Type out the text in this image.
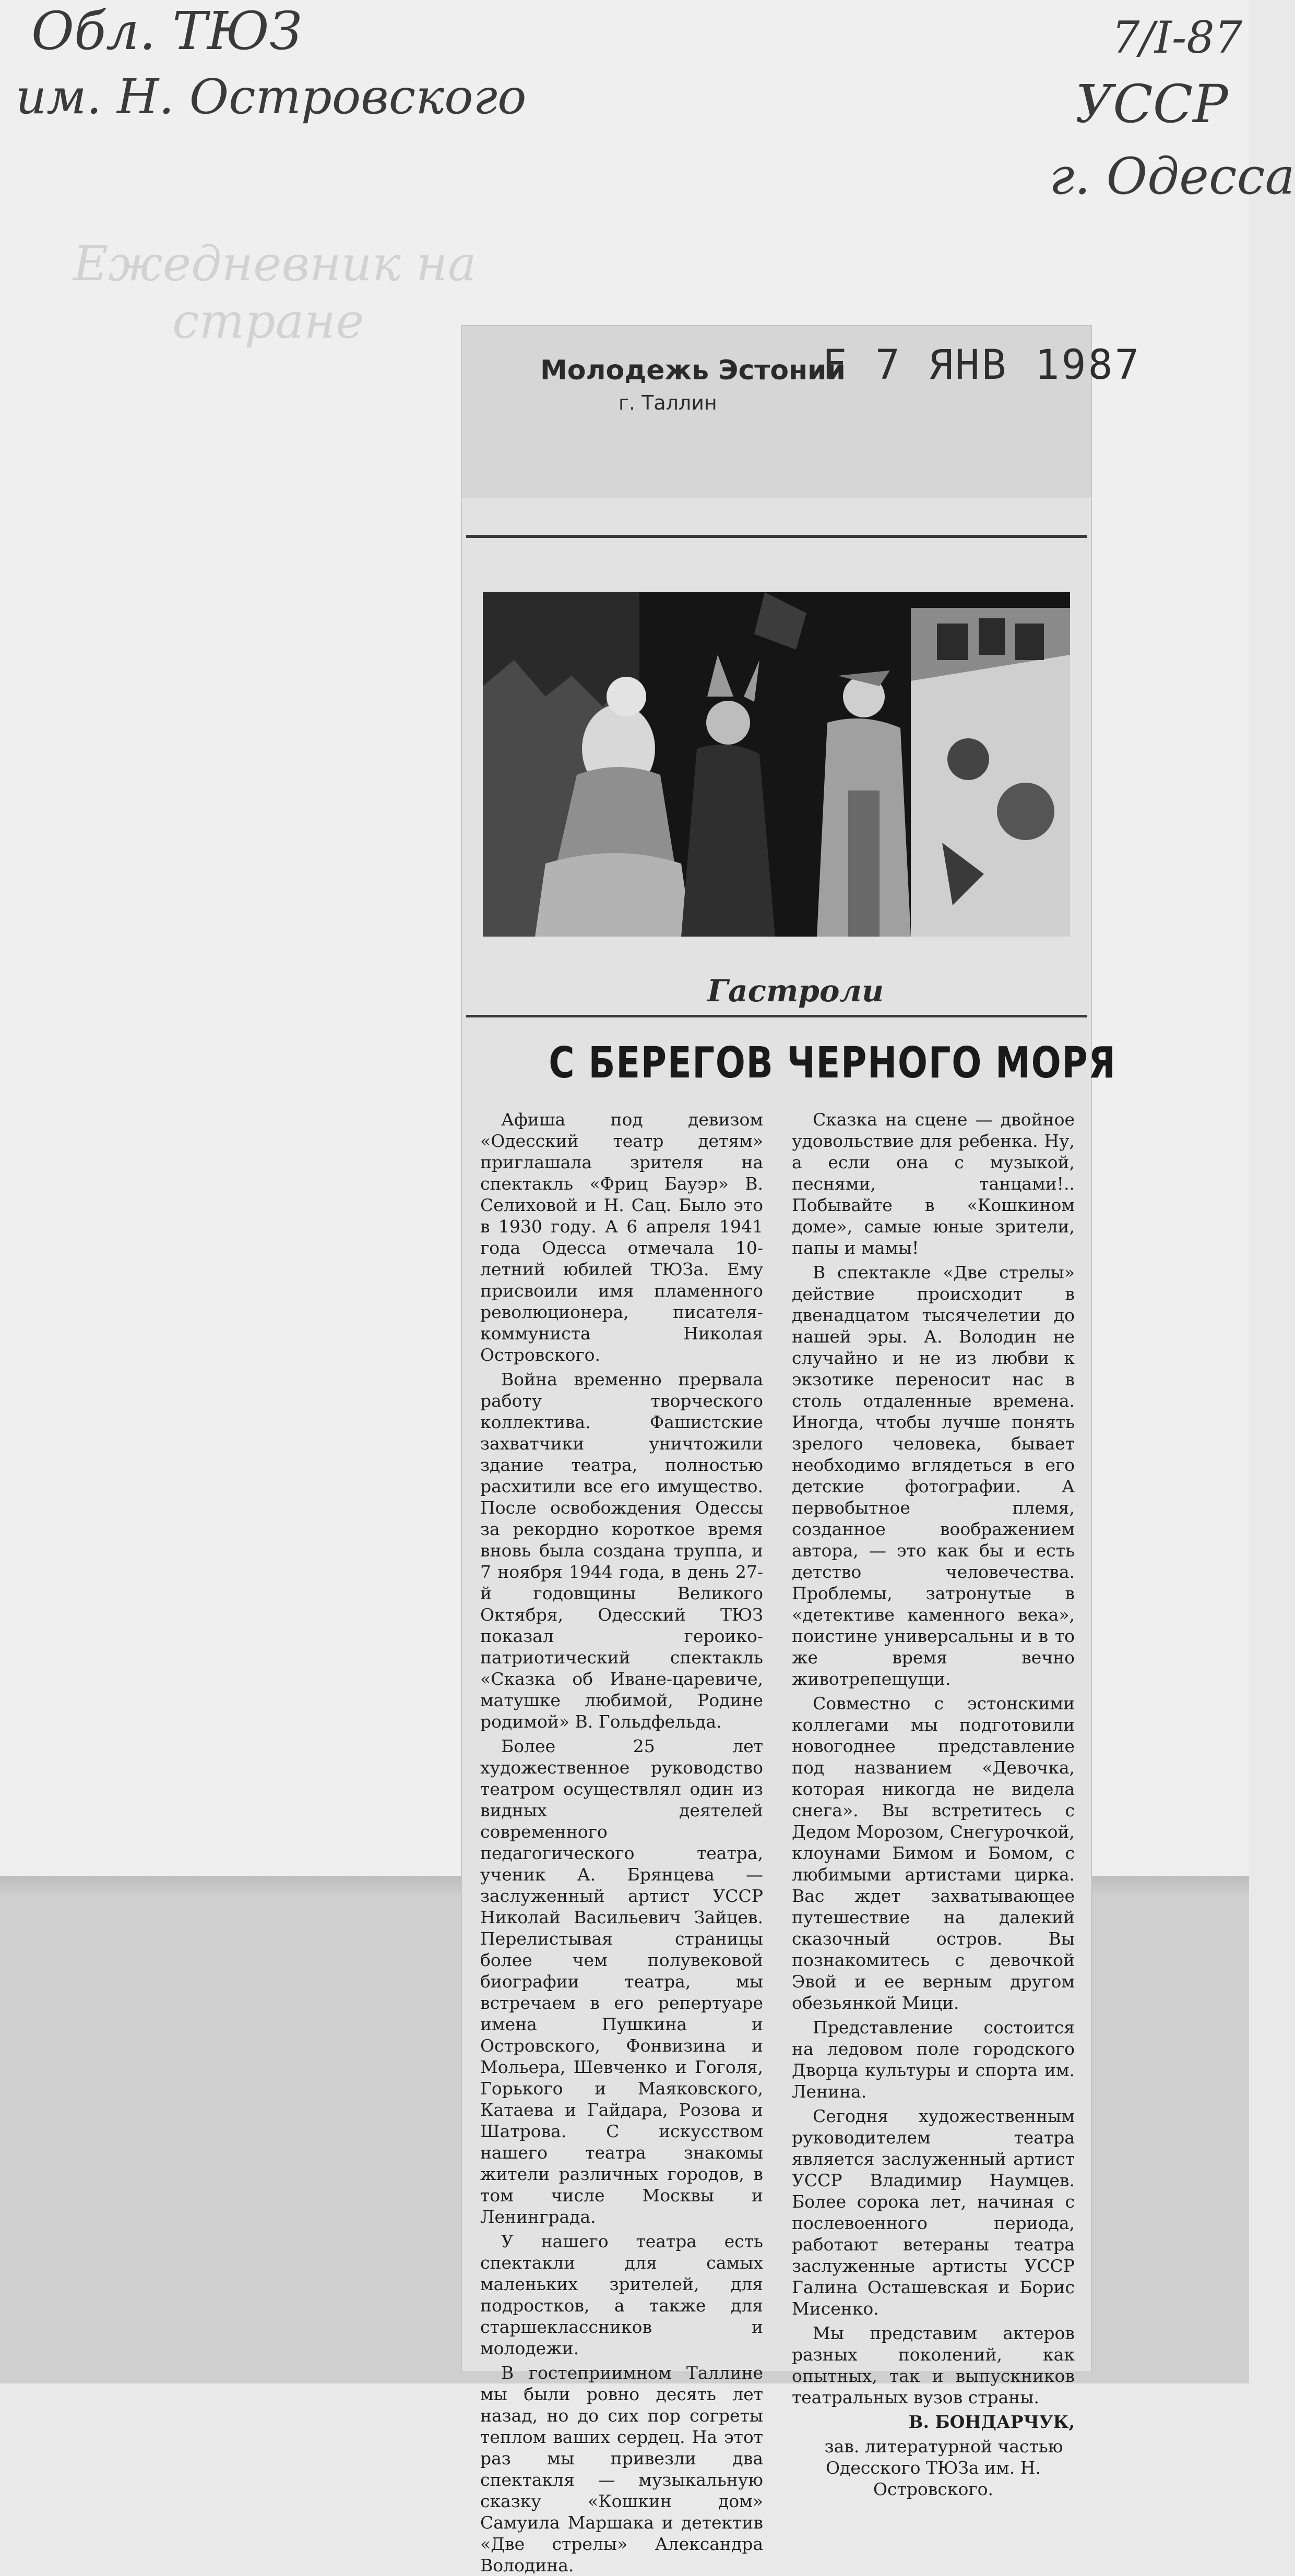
Обл. ТЮЗ
им. Н. Островского
7/I-87
УССР
г. Одесса
Ежедневник на
стране
Молодежь Эстонии
г. Таллин
F 7 ЯНВ 1987
Гастроли
С БЕРЕГОВ ЧЕРНОГО МОРЯ

Афиша под девизом «Одесский театр детям» приглашала зрителя на спектакль «Фриц Бауэр» В. Селиховой и Н. Сац. Было это в 1930 году. А 6 апреля 1941 года Одесса отмечала 10-летний юбилей ТЮЗа. Ему присвоили имя пламенного революционера, писателя-коммуниста Николая Островского.

Война временно прервала работу творческого коллектива. Фашистские захватчики уничтожили здание театра, полностью расхитили все его имущество. После освобождения Одессы за рекордно короткое время вновь была создана труппа, и 7 ноября 1944 года, в день 27-й годовщины Великого Октября, Одесский ТЮЗ показал героико-патриотический спектакль «Сказка об Иване-царевиче, матушке любимой, Родине родимой» В. Гольдфельда.

Более 25 лет художественное руководство театром осуществлял один из видных деятелей современного педагогического театра, ученик А. Брянцева — заслуженный артист УССР Николай Васильевич Зайцев. Перелистывая страницы более чем полувековой биографии театра, мы встречаем в его репертуаре имена Пушкина и Островского, Фонвизина и Мольера, Шевченко и Гоголя, Горького и Маяковского, Катаева и Гайдара, Розова и Шатрова. С искусством нашего театра знакомы жители различных городов, в том числе Москвы и Ленинграда.

У нашего театра есть спектакли для самых маленьких зрителей, для подростков, а также для старшеклассников и молодежи.

В гостеприимном Таллине мы были ровно десять лет назад, но до сих пор согреты теплом ваших сердец. На этот раз мы привезли два спектакля — музыкальную сказку «Кошкин дом» Самуила Маршака и детектив «Две стрелы» Александра Володина.

Сказка на сцене — двойное удовольствие для ребенка. Ну, а если она с музыкой, песнями, танцами!.. Побывайте в «Кошкином доме», самые юные зрители, папы и мамы!

В спектакле «Две стрелы» действие происходит в двенадцатом тысячелетии до нашей эры. А. Володин не случайно и не из любви к экзотике переносит нас в столь отдаленные времена. Иногда, чтобы лучше понять зрелого человека, бывает необходимо вглядеться в его детские фотографии. А первобытное племя, созданное воображением автора, — это как бы и есть детство человечества. Проблемы, затронутые в «детективе каменного века», поистине универсальны и в то же время вечно животрепещущи.

Совместно с эстонскими коллегами мы подготовили новогоднее представление под названием «Девочка, которая никогда не видела снега». Вы встретитесь с Дедом Морозом, Снегурочкой, клоунами Бимом и Бомом, с любимыми артистами цирка. Вас ждет захватывающее путешествие на далекий сказочный остров. Вы познакомитесь с девочкой Эвой и ее верным другом обезьянкой Мици.

Представление состоится на ледовом поле городского Дворца культуры и спорта им. Ленина.

Сегодня художественным руководителем театра является заслуженный артист УССР Владимир Наумцев. Более сорока лет, начиная с послевоенного периода, работают ветераны театра заслуженные артисты УССР Галина Осташевская и Борис Мисенко.

Мы представим актеров разных поколений, как опытных, так и выпускников театральных вузов страны.

В. БОНДАРЧУК,

зав. литературной частью Одесского ТЮЗа им. Н. Островского.
